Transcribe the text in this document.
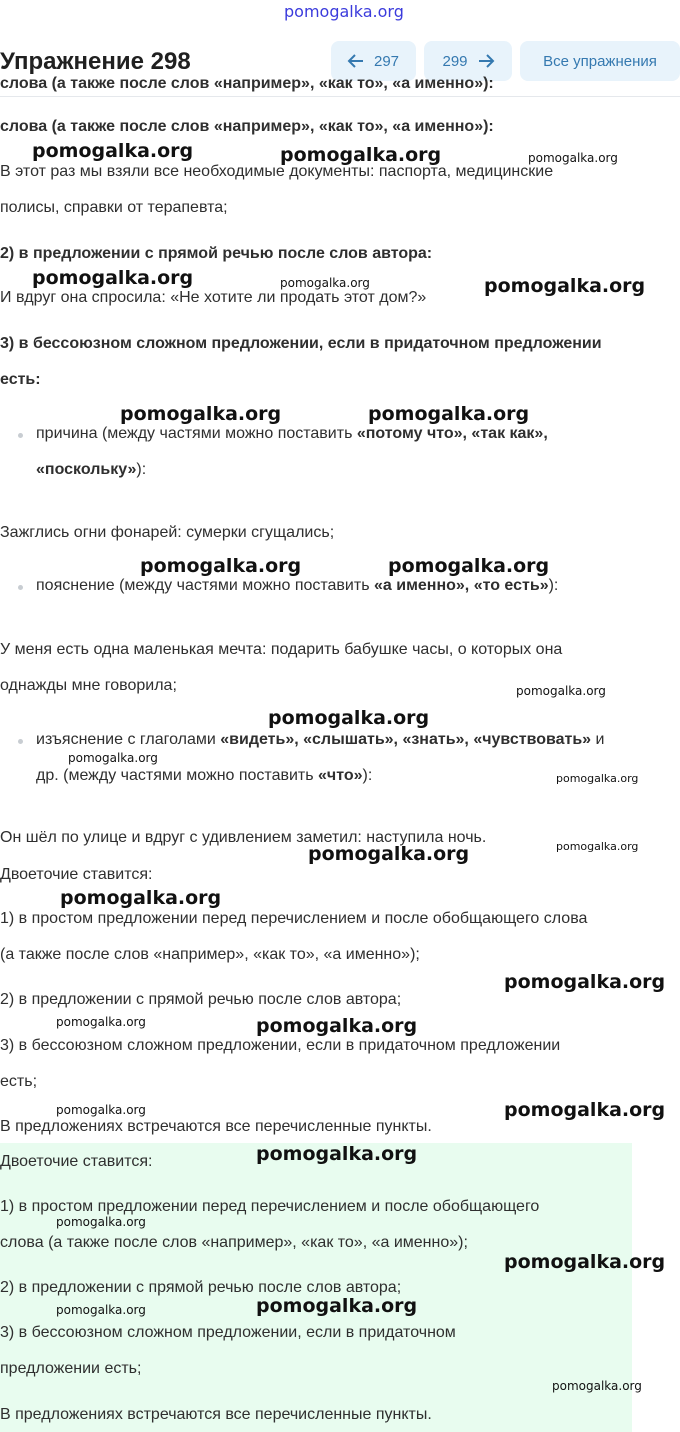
pomogalka.org
Упражнение 298	297	299	Все упражнения
слова (а также после слов «например», «как то», «а именно»):
слова (а также после слов «например», «как то», «а именно»):
В этот раз мы взяли все необходимые документы: паспорта, медицинские
полисы, справки от терапевта;
2) в предложении с прямой речью после слов автора:
И вдруг она спросила: «Не хотите ли продать этот дом?»
3) в бессоюзном сложном предложении, если в придаточном предложении
есть:
причина (между частями можно поставить «потому что», «так как»,
«поскольку»):
Зажглись огни фонарей: сумерки сгущались;
пояснение (между частями можно поставить «а именно», «то есть»):
У меня есть одна маленькая мечта: подарить бабушке часы, о которых она
однажды мне говорила;
изъяснение с глаголами «видеть», «слышать», «знать», «чувствовать» и
др. (между частями можно поставить «что»):
Он шёл по улице и вдруг с удивлением заметил: наступила ночь.
Двоеточие ставится:
1) в простом предложении перед перечислением и после обобщающего слова
(а также после слов «например», «как то», «а именно»);
2) в предложении с прямой речью после слов автора;
3) в бессоюзном сложном предложении, если в придаточном предложении
есть;
В предложениях встречаются все перечисленные пункты.
Двоеточие ставится:
1) в простом предложении перед перечислением и после обобщающего
слова (а также после слов «например», «как то», «а именно»);
2) в предложении с прямой речью после слов автора;
3) в бессоюзном сложном предложении, если в придаточном
предложении есть;
В предложениях встречаются все перечисленные пункты.
pomogalka.org	pomogalka.org	pomogalka.org
pomogalka.org	pomogalka.org	pomogalka.org
pomogalka.org	pomogalka.org
pomogalka.org	pomogalka.org
pomogalka.org
pomogalka.org
pomogalka.org
pomogalka.org
pomogalka.org
pomogalka.org
pomogalka.org
pomogalka.org
pomogalka.org	pomogalka.org
pomogalka.org	pomogalka.org
pomogalka.org
pomogalka.org
pomogalka.org
pomogalka.org	pomogalka.org
pomogalka.org
